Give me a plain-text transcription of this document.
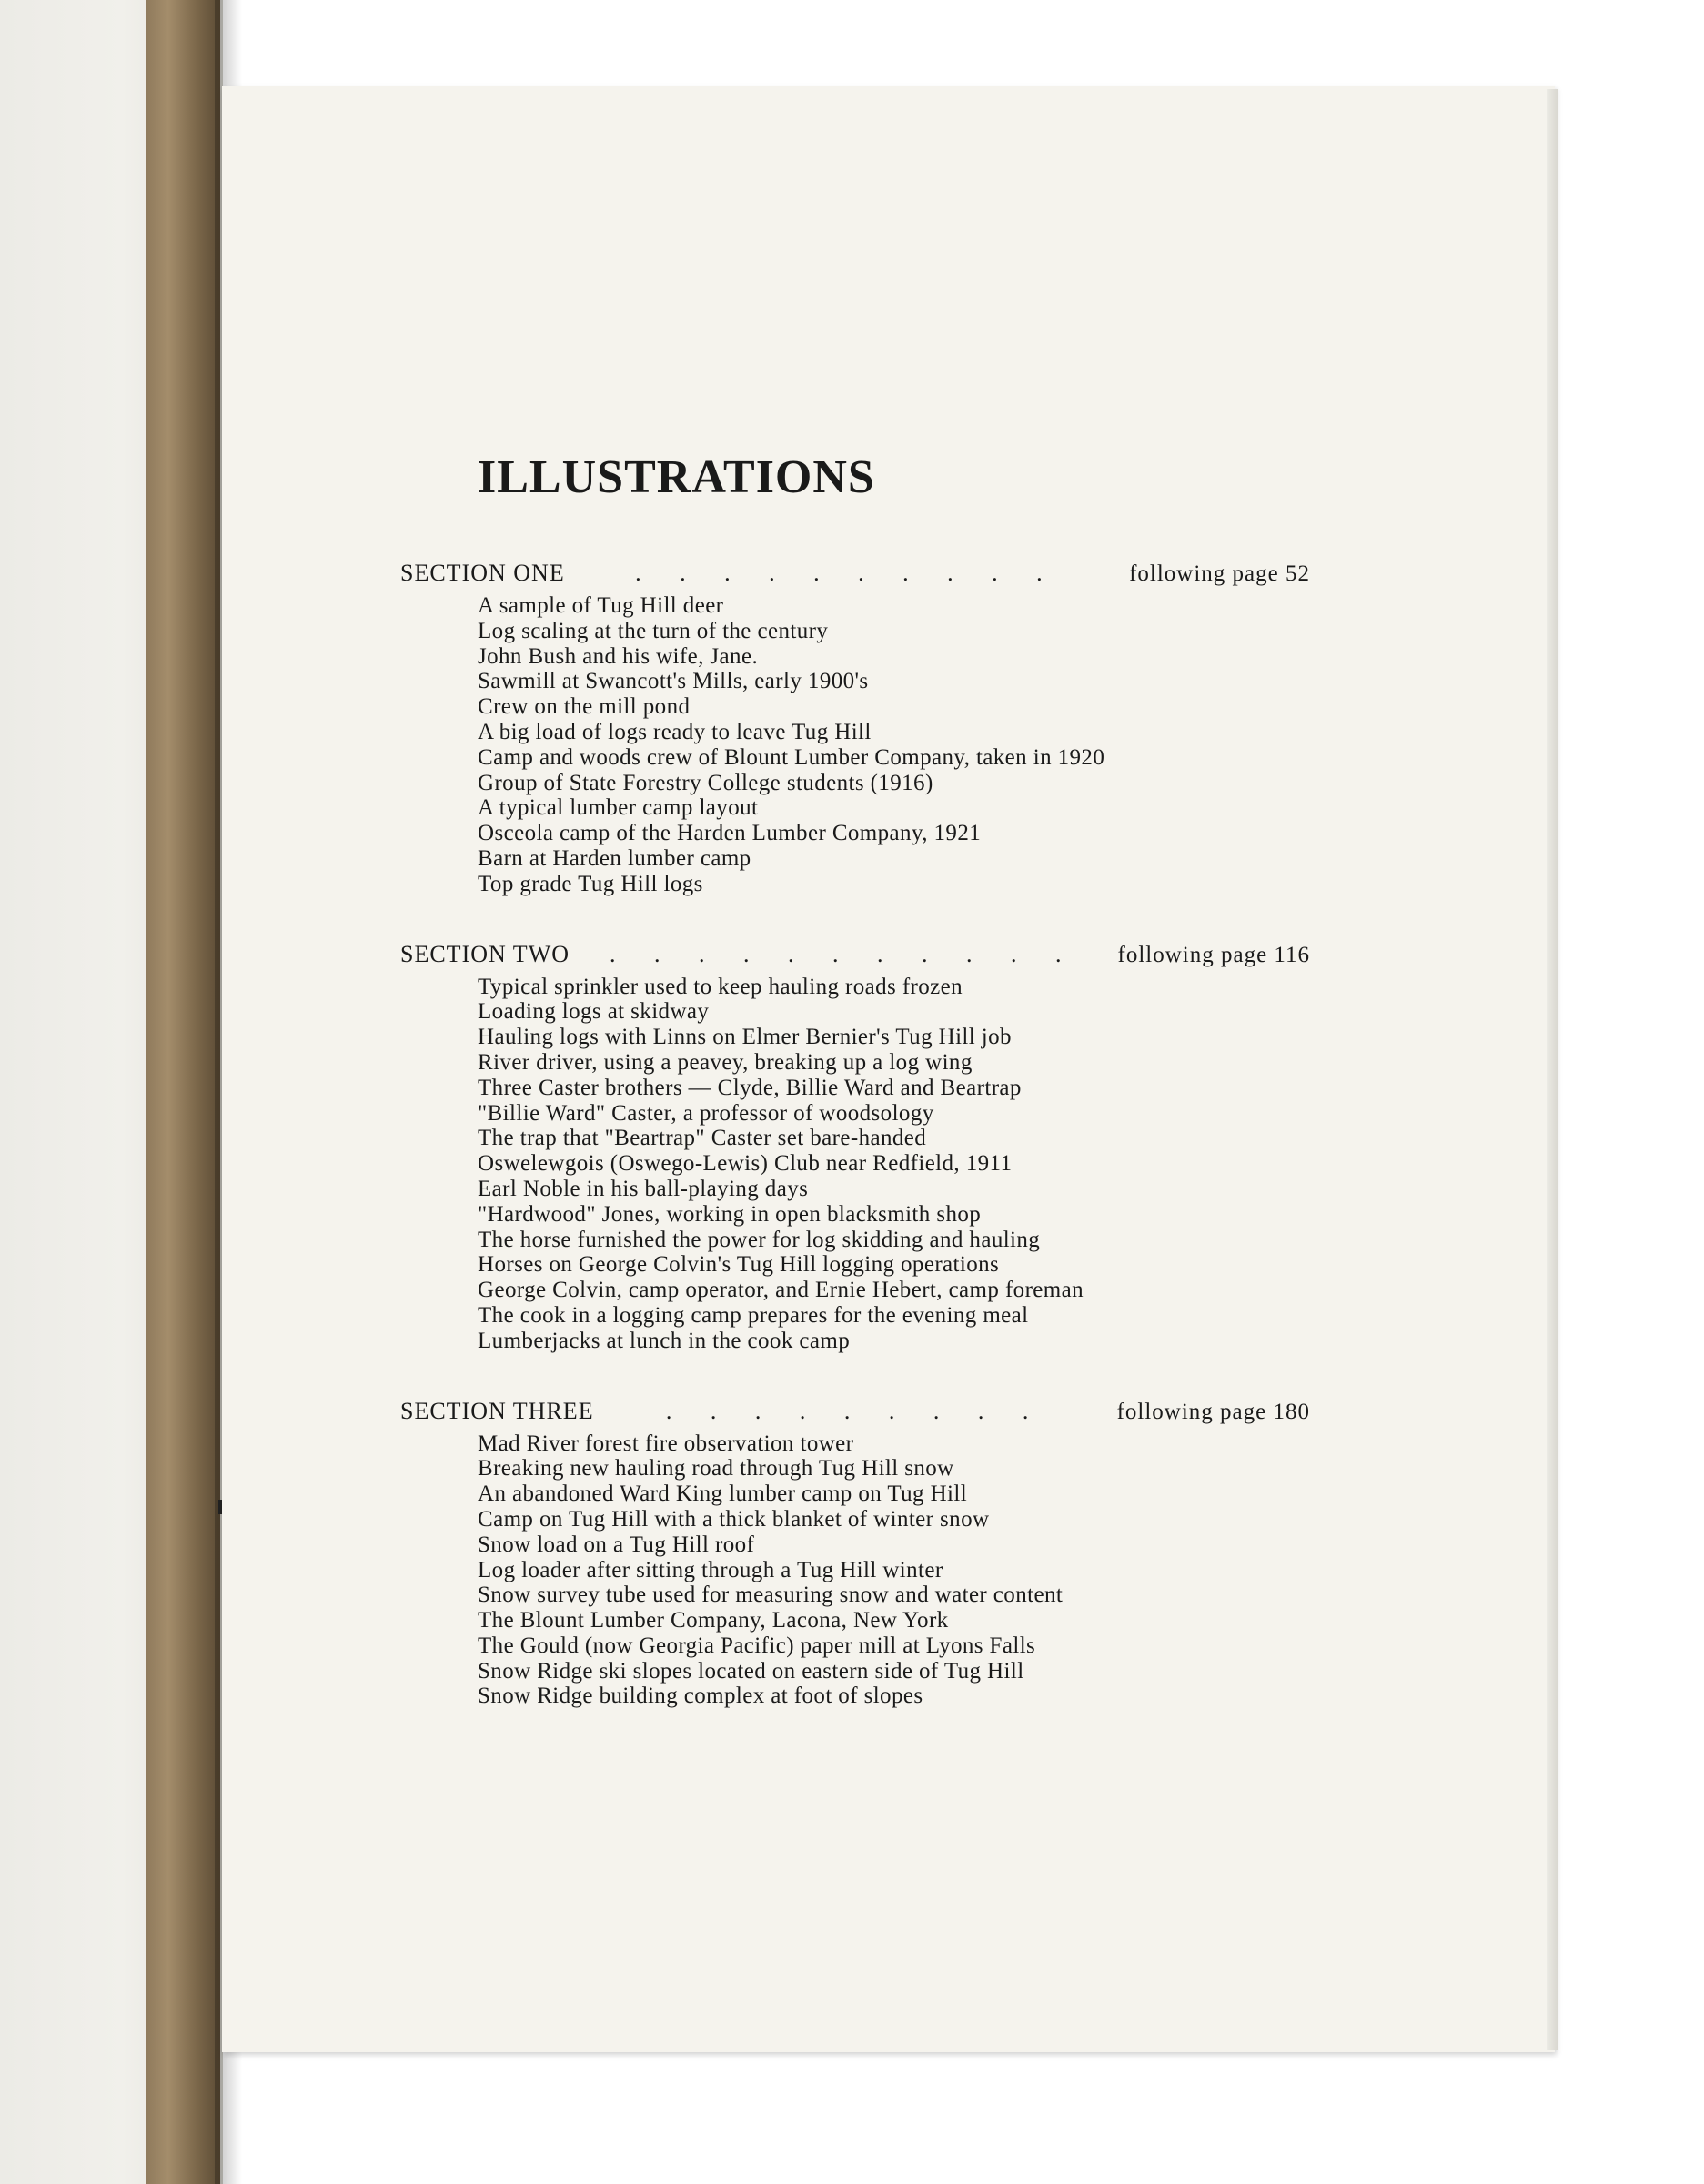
ILLUSTRATIONS
SECTION ONE	. . . . . . . . . .	following page 52
A sample of Tug Hill deer
Log scaling at the turn of the century
John Bush and his wife, Jane.
Sawmill at Swancott's Mills, early 1900's
Crew on the mill pond
A big load of logs ready to leave Tug Hill
Camp and woods crew of Blount Lumber Company, taken in 1920
Group of State Forestry College students (1916)
A typical lumber camp layout
Osceola camp of the Harden Lumber Company, 1921
Barn at Harden lumber camp
Top grade Tug Hill logs
SECTION TWO	. . . . . . . . . . .	following page 116
Typical sprinkler used to keep hauling roads frozen
Loading logs at skidway
Hauling logs with Linns on Elmer Bernier's Tug Hill job
River driver, using a peavey, breaking up a log wing
Three Caster brothers — Clyde, Billie Ward and Beartrap
"Billie Ward" Caster, a professor of woodsology
The trap that "Beartrap" Caster set bare-handed
Oswelewgois (Oswego-Lewis) Club near Redfield, 1911
Earl Noble in his ball-playing days
"Hardwood" Jones, working in open blacksmith shop
The horse furnished the power for log skidding and hauling
Horses on George Colvin's Tug Hill logging operations
George Colvin, camp operator, and Ernie Hebert, camp foreman
The cook in a logging camp prepares for the evening meal
Lumberjacks at lunch in the cook camp
SECTION THREE	. . . . . . . . .	following page 180
Mad River forest fire observation tower
Breaking new hauling road through Tug Hill snow
An abandoned Ward King lumber camp on Tug Hill
Camp on Tug Hill with a thick blanket of winter snow
Snow load on a Tug Hill roof
Log loader after sitting through a Tug Hill winter
Snow survey tube used for measuring snow and water content
The Blount Lumber Company, Lacona, New York
The Gould (now Georgia Pacific) paper mill at Lyons Falls
Snow Ridge ski slopes located on eastern side of Tug Hill
Snow Ridge building complex at foot of slopes
